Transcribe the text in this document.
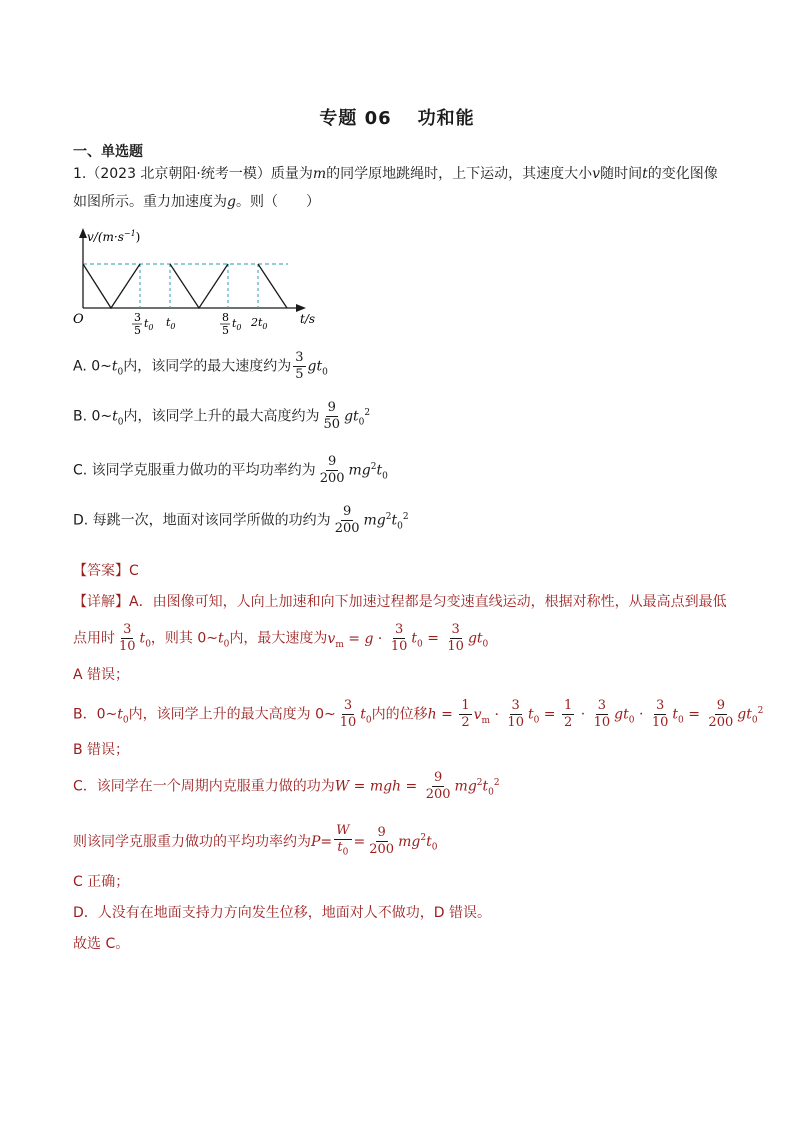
专题 06 功和能
一、单选题
1.（2023 北京朝阳·统考一模）质量为m的同学原地跳绳时，上下运动，其速度大小v随时间t的变化图像
如图所示。重力加速度为g。则（　　）
$v/(m\cdot s^{-1})$
O	t/s
3
5
$t_0$ $t_0$
8
5
$t_0$ $2t_0$
A. $0\sim t_0$内，该同学的最大速度约为 $\frac{3}{5} gt_0$
B. $0\sim t_0$内，该同学上升的最大高度约为 $\frac{9}{50} gt_0^2$
C. 该同学克服重力做功的平均功率约为 $\frac{9}{200} mg^2t_0$
D. 每跳一次，地面对该同学所做的功约为 $\frac{9}{200} mg^2t_0^2$
【答案】C
【详解】A．由图像可知，人向上加速和向下加速过程都是匀变速直线运动，根据对称性，从最高点到最低
点用时 $\frac{3}{10} t_0$，则其 $0\sim t_0$内，最大速度为$v_m = g \cdot \frac{3}{10} t_0 = \frac{3}{10} gt_0$
A 错误；
B．$0\sim t_0$内，该同学上升的最大高度为 0~ $\frac{3}{10} t_0$内的位移$h = \frac{1}{2} v_m \cdot \frac{3}{10} t_0 = \frac{1}{2} \cdot \frac{3}{10} gt_0 \cdot \frac{3}{10} t_0 = \frac{9}{200} gt_0^2$
B 错误；
C．该同学在一个周期内克服重力做的功为W = mgh = $\frac{9}{200} mg^2t_0^2$
则该同学克服重力做功的平均功率约为$P= \frac{W}{t_0} = \frac{9}{200} mg^2t_0$
C 正确；
D．人没有在地面支持力方向发生位移，地面对人不做功，D 错误。
故选 C。
